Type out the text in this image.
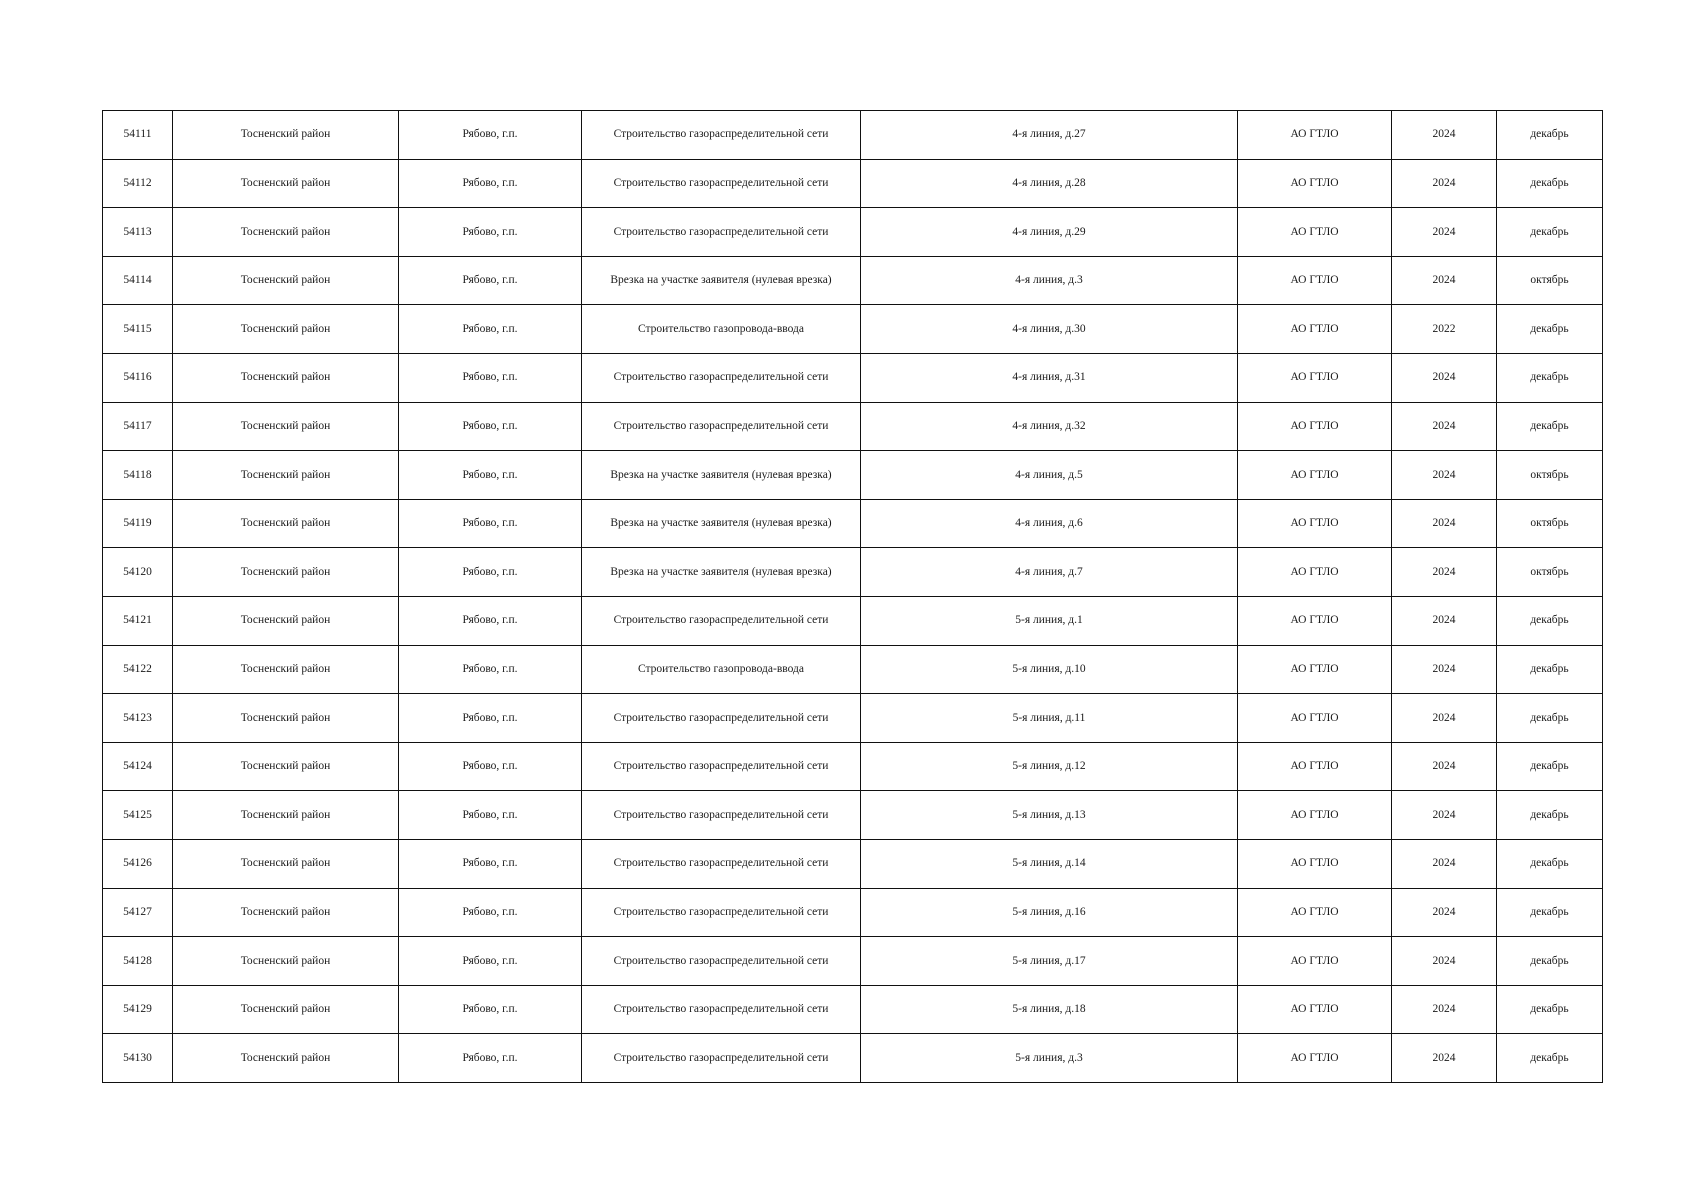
54111	Тосненский район	Рябово, г.п.	Строительство газораспределительной сети	4-я линия, д.27	АО ГТЛО	2024	декабрь
54112	Тосненский район	Рябово, г.п.	Строительство газораспределительной сети	4-я линия, д.28	АО ГТЛО	2024	декабрь
54113	Тосненский район	Рябово, г.п.	Строительство газораспределительной сети	4-я линия, д.29	АО ГТЛО	2024	декабрь
54114	Тосненский район	Рябово, г.п.	Врезка на участке заявителя (нулевая врезка)	4-я линия, д.3	АО ГТЛО	2024	октябрь
54115	Тосненский район	Рябово, г.п.	Строительство газопровода-ввода	4-я линия, д.30	АО ГТЛО	2022	декабрь
54116	Тосненский район	Рябово, г.п.	Строительство газораспределительной сети	4-я линия, д.31	АО ГТЛО	2024	декабрь
54117	Тосненский район	Рябово, г.п.	Строительство газораспределительной сети	4-я линия, д.32	АО ГТЛО	2024	декабрь
54118	Тосненский район	Рябово, г.п.	Врезка на участке заявителя (нулевая врезка)	4-я линия, д.5	АО ГТЛО	2024	октябрь
54119	Тосненский район	Рябово, г.п.	Врезка на участке заявителя (нулевая врезка)	4-я линия, д.6	АО ГТЛО	2024	октябрь
54120	Тосненский район	Рябово, г.п.	Врезка на участке заявителя (нулевая врезка)	4-я линия, д.7	АО ГТЛО	2024	октябрь
54121	Тосненский район	Рябово, г.п.	Строительство газораспределительной сети	5-я линия, д.1	АО ГТЛО	2024	декабрь
54122	Тосненский район	Рябово, г.п.	Строительство газопровода-ввода	5-я линия, д.10	АО ГТЛО	2024	декабрь
54123	Тосненский район	Рябово, г.п.	Строительство газораспределительной сети	5-я линия, д.11	АО ГТЛО	2024	декабрь
54124	Тосненский район	Рябово, г.п.	Строительство газораспределительной сети	5-я линия, д.12	АО ГТЛО	2024	декабрь
54125	Тосненский район	Рябово, г.п.	Строительство газораспределительной сети	5-я линия, д.13	АО ГТЛО	2024	декабрь
54126	Тосненский район	Рябово, г.п.	Строительство газораспределительной сети	5-я линия, д.14	АО ГТЛО	2024	декабрь
54127	Тосненский район	Рябово, г.п.	Строительство газораспределительной сети	5-я линия, д.16	АО ГТЛО	2024	декабрь
54128	Тосненский район	Рябово, г.п.	Строительство газораспределительной сети	5-я линия, д.17	АО ГТЛО	2024	декабрь
54129	Тосненский район	Рябово, г.п.	Строительство газораспределительной сети	5-я линия, д.18	АО ГТЛО	2024	декабрь
54130	Тосненский район	Рябово, г.п.	Строительство газораспределительной сети	5-я линия, д.3	АО ГТЛО	2024	декабрь
